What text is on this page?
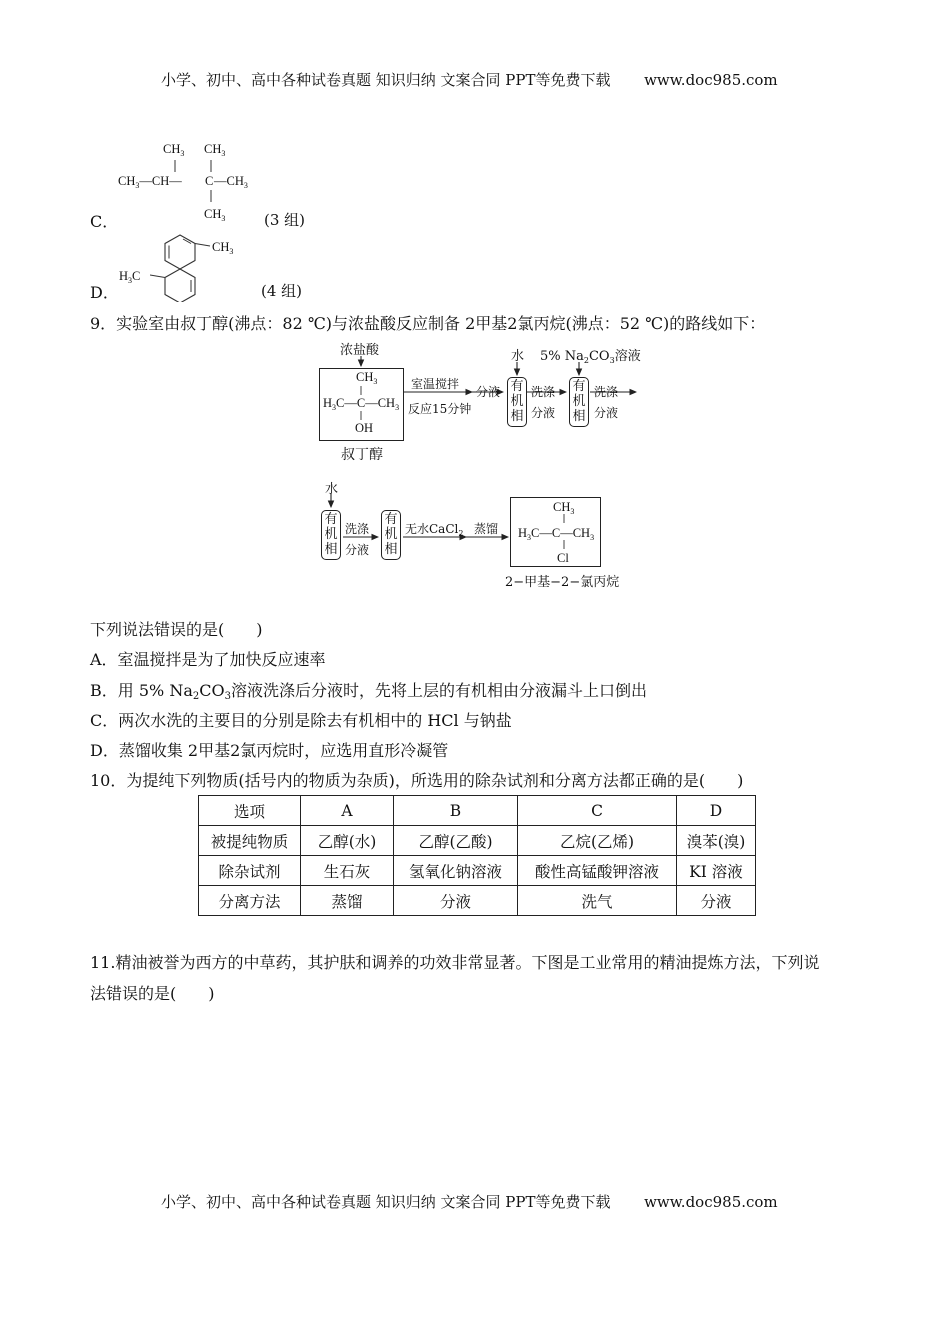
小学、初中、高中各种试卷真题 知识归纳 文案合同 PPT等免费下载 www.doc985.com
$CH_3$ $CH_3$
$CH_3—CH—$ C $—CH_3$
$CH_3$
C．	(3 组)
$CH_3$
$H_3C$
D．	(4 组)
9．实验室由叔丁醇(沸点：82 ℃)与浓盐酸反应制备 2甲基2氯丙烷(沸点：52 ℃)的路线如下：
浓盐酸
$CH_3$
$H_3C—C—CH_3$
OH
叔丁醇
室温搅拌
反应15分钟
分液
水 5% $Na_2CO_3$溶液
有机相
洗涤
分液
有机相
洗涤
分液
水
有机相
洗涤
分液
有机相
无水CaCl$_2$ 蒸馏
$CH_3$
$H_3C—C—CH_3$
Cl
2−甲基−2−氯丙烷
下列说法错误的是(　　)
A．室温搅拌是为了加快反应速率
B．用 5% Na2CO3溶液洗涤后分液时，先将上层的有机相由分液漏斗上口倒出
C．两次水洗的主要目的分别是除去有机相中的 HCl 与钠盐
D．蒸馏收集 2甲基2氯丙烷时，应选用直形冷凝管
10．为提纯下列物质(括号内的物质为杂质)，所选用的除杂试剂和分离方法都正确的是(　　)
选项	A	B	C	D
被提纯物质	乙醇(水)	乙醇(乙酸)	乙烷(乙烯)	溴苯(溴)
除杂试剂	生石灰	氢氧化钠溶液	酸性高锰酸钾溶液	KI 溶液
分离方法	蒸馏	分液	洗气	分液
11.精油被誉为西方的中草药，其护肤和调养的功效非常显著。下图是工业常用的精油提炼方法，下列说
法错误的是(　　)
小学、初中、高中各种试卷真题 知识归纳 文案合同 PPT等免费下载 www.doc985.com
